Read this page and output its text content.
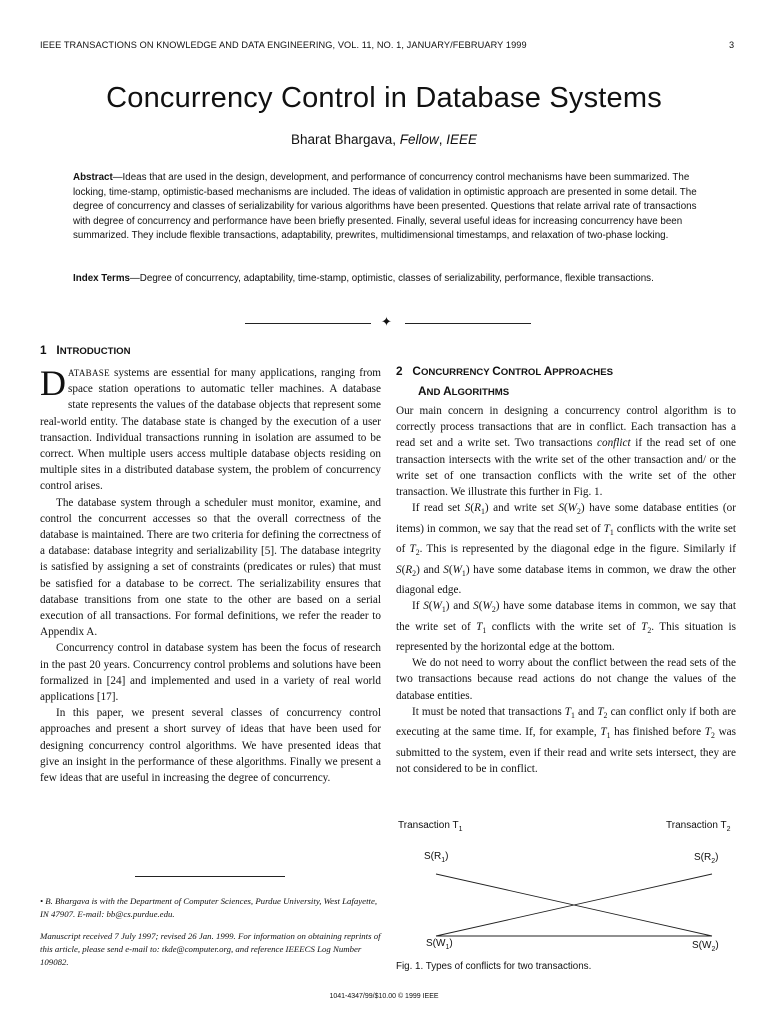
IEEE TRANSACTIONS ON KNOWLEDGE AND DATA ENGINEERING, VOL. 11, NO. 1, JANUARY/FEBRUARY 1999	3
Concurrency Control in Database Systems
Bharat Bhargava, Fellow, IEEE
Abstract—Ideas that are used in the design, development, and performance of concurrency control mechanisms have been summarized. The locking, time-stamp, optimistic-based mechanisms are included. The ideas of validation in optimistic approach are presented in some detail. The degree of concurrency and classes of serializability for various algorithms have been presented. Questions that relate arrival rate of transactions with degree of concurrency and performance have been briefly presented. Finally, several useful ideas for increasing concurrency have been summarized. They include flexible transactions, adaptability, prewrites, multidimensional timestamps, and relaxation of two-phase locking.
Index Terms—Degree of concurrency, adaptability, time-stamp, optimistic, classes of serializability, performance, flexible transactions.
✦
1 INTRODUCTION

DATABASE systems are essential for many applications, ranging from space station operations to automatic teller machines. A database state represents the values of the database objects that represent some real-world entity. The database state is changed by the execution of a user transaction. Individual transactions running in isolation are assumed to be correct. When multiple users access multiple database objects residing on multiple sites in a distributed database system, the problem of concurrency control arises.

The database system through a scheduler must monitor, examine, and control the concurrent accesses so that the overall correctness of the database is maintained. There are two criteria for defining the correctness of a database: database integrity and serializability [5]. The database integrity is satisfied by assigning a set of constraints (predicates or rules) that must be satisfied for a database to be correct. The serializability ensures that database transitions from one state to the other are based on a serial execution of all transactions. For formal definitions, we refer the reader to Appendix A.

Concurrency control in database system has been the focus of research in the past 20 years. Concurrency control problems and solutions have been formalized in [24] and implemented and used in a variety of real world applications [17].

In this paper, we present several classes of concurrency control approaches and present a short survey of ideas that have been used for designing concurrency control algorithms. We have presented ideas that give an insight in the performance of these algorithms. Finally we present a few ideas that are useful in increasing the degree of concurrency.

• B. Bhargava is with the Department of Computer Sciences, Purdue University, West Lafayette, IN 47907. E-mail: bb@cs.purdue.edu.
Manuscript received 7 July 1997; revised 26 Jan. 1999. For information on obtaining reprints of this article, please send e-mail to: tkde@computer.org, and reference IEEECS Log Number 109082.
2 CONCURRENCY CONTROL APPROACHES
AND ALGORITHMS

Our main concern in designing a concurrency control algorithm is to correctly process transactions that are in conflict. Each transaction has a read set and a write set. Two transactions conflict if the read set of one transaction intersects with the write set of the other transaction and/ or the write set of one transaction conflicts with the write set of the other transaction. We illustrate this further in Fig. 1.

If read set $S(R_1)$ and write set $S(W_2)$ have some database entities (or items) in common, we say that the read set of $T_1$ conflicts with the write set of $T_2$. This is represented by the diagonal edge in the figure. Similarly if $S(R_2)$ and $S(W_1)$ have some database items in common, we draw the other diagonal edge.

If $S(W_1)$ and $S(W_2)$ have some database items in common, we say that the write set of $T_1$ conflicts with the write set of $T_2$. This situation is represented by the horizontal edge at the bottom.

We do not need to worry about the conflict between the read sets of the two transactions because read actions do not change the values of the database entities.

It must be noted that transactions $T_1$ and $T_2$ can conflict only if both are executing at the same time. If, for example, $T_1$ has finished before $T_2$ was submitted to the system, even if their read and write sets intersect, they are not considered to be in conflict.

Transaction $T_1$	Transaction $T_2$
$S(R_1)$	$S(R_2)$
$S(W_1)$	$S(W_2)$
Fig. 1. Types of conflicts for two transactions.
1041-4347/99/$10.00 © 1999 IEEE
